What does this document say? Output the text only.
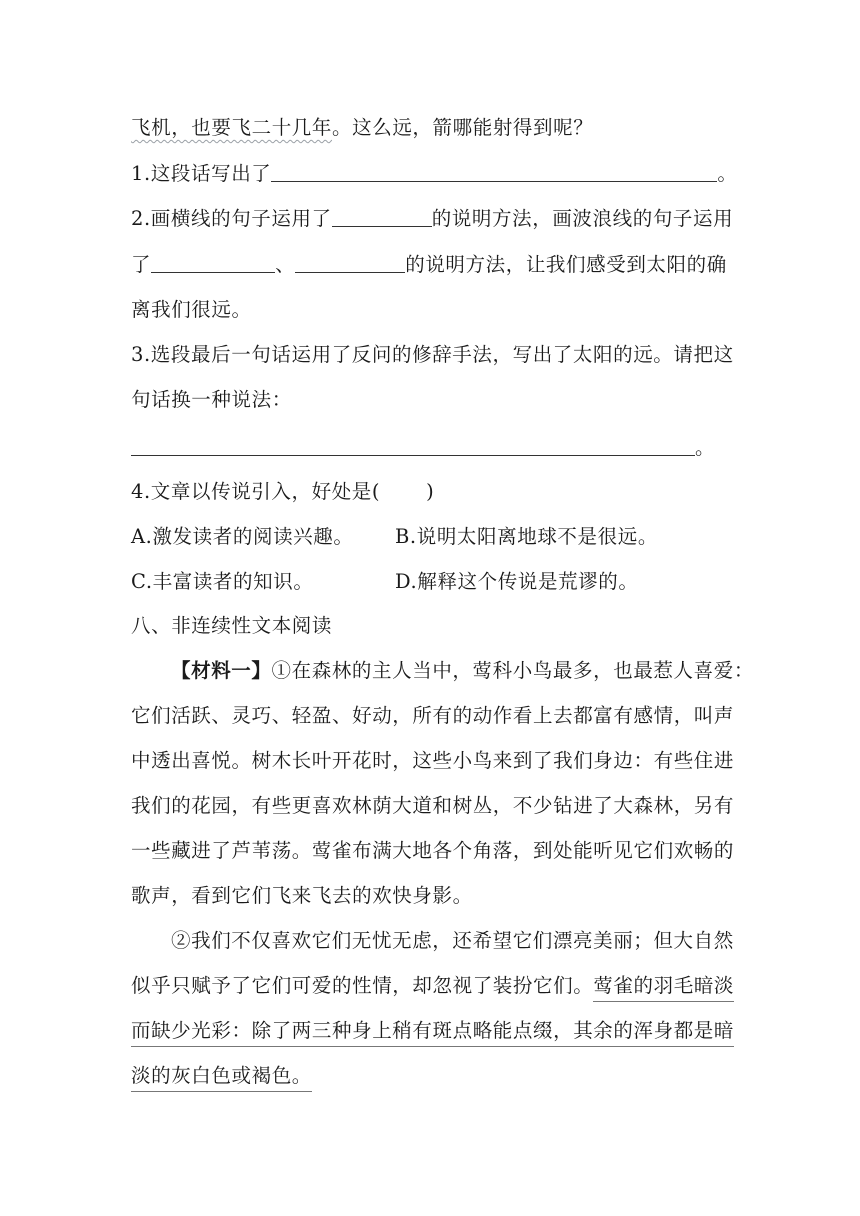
飞机，也要飞二十几年。这么远，箭哪能射得到呢？
1.这段话写出了	。
2.画横线的句子运用了	的说明方法，画波浪线的句子运用
了	、	的说明方法，让我们感受到太阳的确
离我们很远。
3.选段最后一句话运用了反问的修辞手法，写出了太阳的远。请把这
句话换一种说法：
。
4.文章以传说引入，好处是( )
A.激发读者的阅读兴趣。 B.说明太阳离地球不是很远。
C.丰富读者的知识。	D.解释这个传说是荒谬的。
八、非连续性文本阅读
【材料一】①在森林的主人当中，莺科小鸟最多，也最惹人喜爱：
它们活跃、灵巧、轻盈、好动，所有的动作看上去都富有感情，叫声
中透出喜悦。树木长叶开花时，这些小鸟来到了我们身边：有些住进
我们的花园，有些更喜欢林荫大道和树丛，不少钻进了大森林，另有
一些藏进了芦苇荡。莺雀布满大地各个角落，到处能听见它们欢畅的
歌声，看到它们飞来飞去的欢快身影。
②我们不仅喜欢它们无忧无虑，还希望它们漂亮美丽；但大自然
似乎只赋予了它们可爱的性情，却忽视了装扮它们。莺雀的羽毛暗淡
而缺少光彩：除了两三种身上稍有斑点略能点缀，其余的浑身都是暗
淡的灰白色或褐色。
